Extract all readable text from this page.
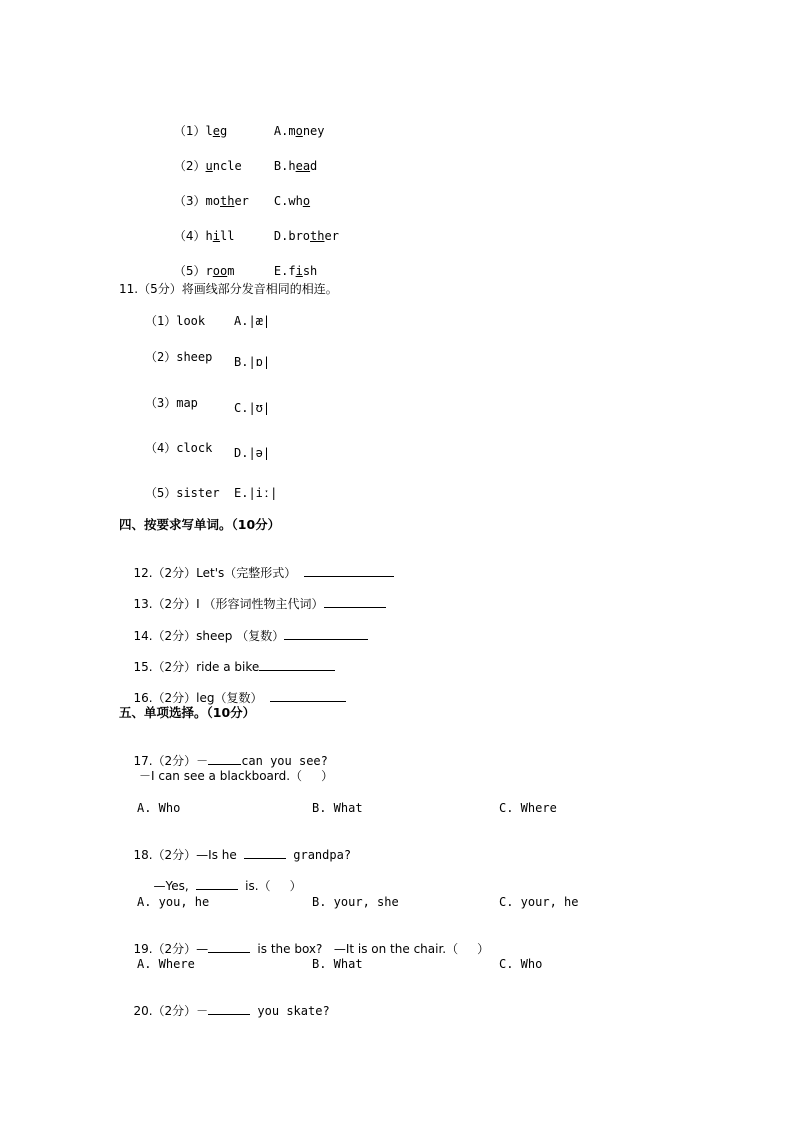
（1）leg
	A.money

（2）uncle
	B.head

（3）mother
	C.who

（4）hill
	D.brother

（5）room
	E.fish

11.（5分）将画线部分发音相同的相连。
（1）look A.|æ|
（2）sheep B.|ɒ|
（3）map	C.|ʊ|
（4）clock D.|ə|
（5）sister E.|iː|
四、按要求写单词。（10分）

12.（2分）Let's（完整形式）

13.（2分）I （形容词性物主代词）

14.（2分）sheep （复数）

15.（2分）ride a bike

16.（2分）leg（复数）

五、单项选择。（10分）

17.（2分）－	can you see?

－I can see a blackboard.（     ）
A. Who	B. What	C. Where

18.（2分）—Is he	grandpa?

—Yes,	is.（     ）

A. you, he	B. your, she	C. your, he

19.（2分）—	is the box?   —It is on the chair.（     ）

A. Where	B. What	C. Who

20.（2分）－	you skate?
